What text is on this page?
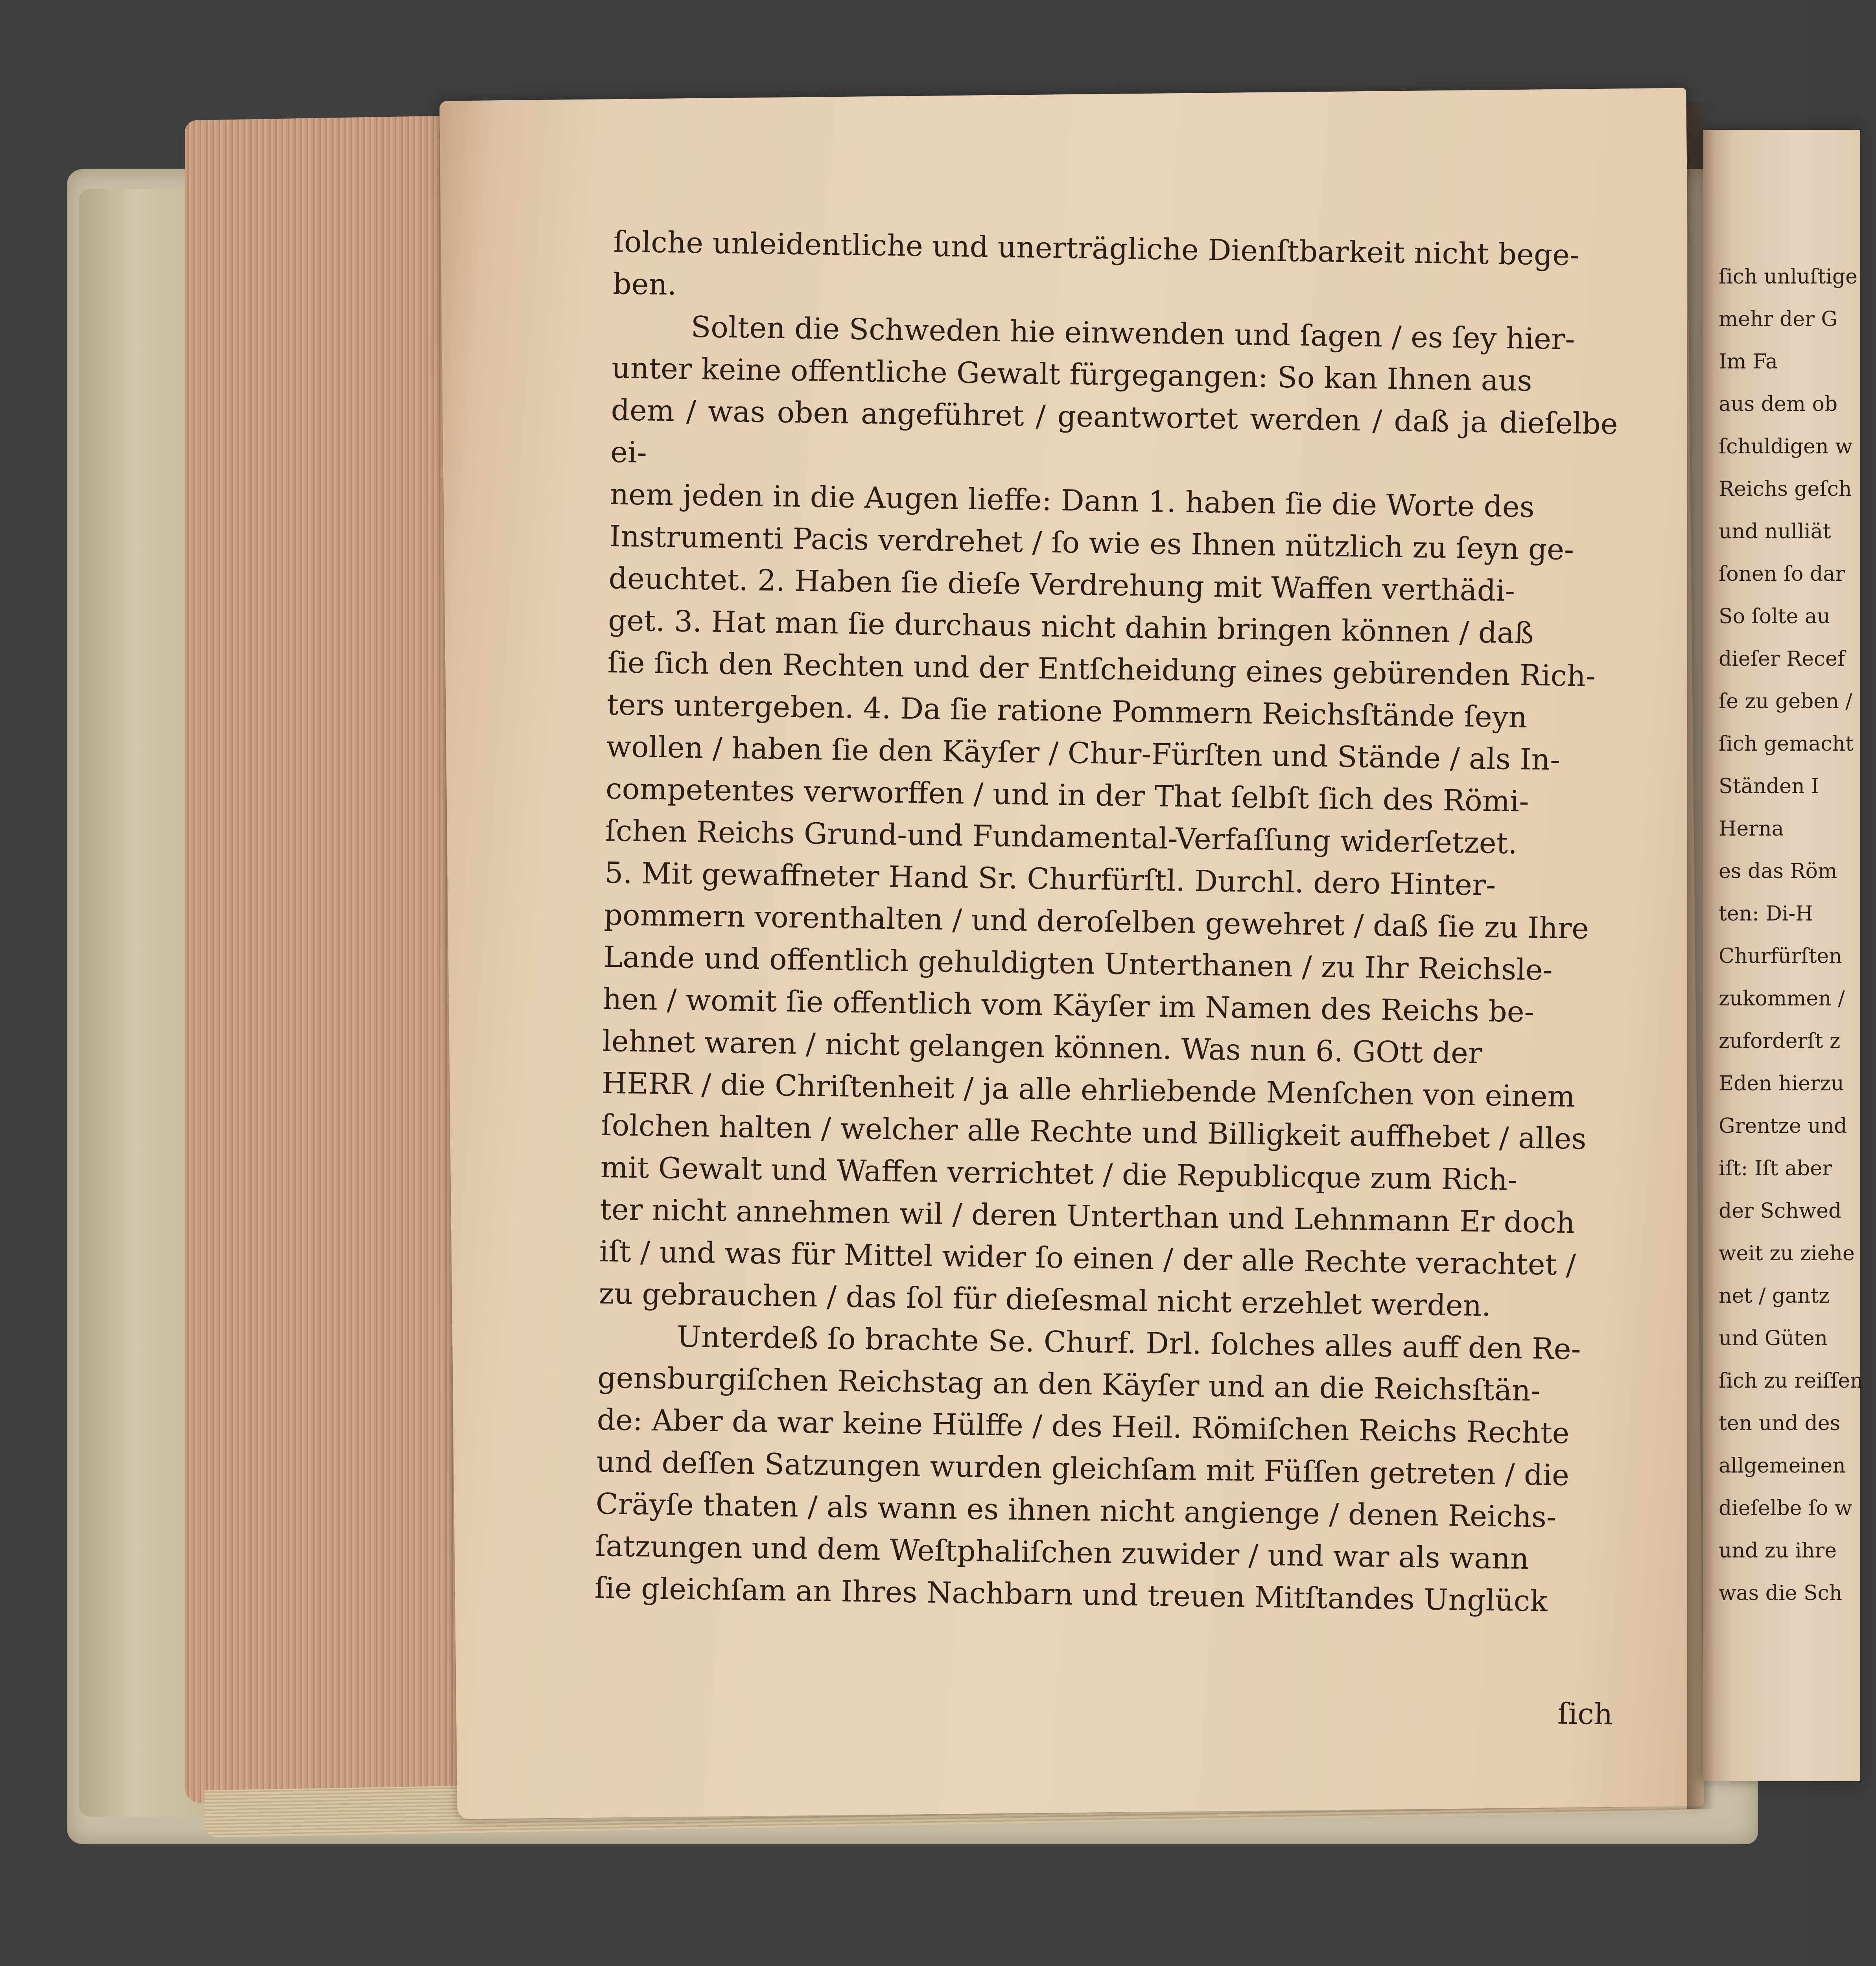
ſolche unleidentliche und unerträgliche Dienſtbarkeit nicht bege-

ben.

Solten die Schweden hie einwenden und ſagen / es ſey hier-

unter keine offentliche Gewalt fürgegangen: So kan Ihnen aus

dem / was oben angeführet / geantwortet werden / daß ja dieſelbe ei-

nem jeden in die Augen lieffe: Dann 1. haben ſie die Worte des

Instrumenti Pacis verdrehet / ſo wie es Ihnen nützlich zu ſeyn ge-

deuchtet. 2. Haben ſie dieſe Verdrehung mit Waffen verthädi-

get. 3. Hat man ſie durchaus nicht dahin bringen können / daß

ſie ſich den Rechten und der Entſcheidung eines gebürenden Rich-

ters untergeben. 4. Da ſie ratione Pommern Reichsſtände ſeyn

wollen / haben ſie den Käyſer / Chur-Fürſten und Stände / als In-

competentes verworffen / und in der That ſelbſt ſich des Römi-

ſchen Reichs Grund-und Fundamental-Verfaſſung widerſetzet.

5. Mit gewaffneter Hand Sr. Churfürſtl. Durchl. dero Hinter-

pommern vorenthalten / und deroſelben gewehret / daß ſie zu Ihre

Lande und offentlich gehuldigten Unterthanen / zu Ihr Reichsle-

hen / womit ſie offentlich vom Käyſer im Namen des Reichs be-

lehnet waren / nicht gelangen können. Was nun 6. GOtt der

HERR / die Chriſtenheit / ja alle ehrliebende Menſchen von einem

ſolchen halten / welcher alle Rechte und Billigkeit auffhebet / alles

mit Gewalt und Waffen verrichtet / die Republicque zum Rich-

ter nicht annehmen wil / deren Unterthan und Lehnmann Er doch

iſt / und was für Mittel wider ſo einen / der alle Rechte verachtet /

zu gebrauchen / das ſol für dieſesmal nicht erzehlet werden.

Unterdeß ſo brachte Se. Churf. Drl. ſolches alles auff den Re-

gensburgiſchen Reichstag an den Käyſer und an die Reichsſtän-

de: Aber da war keine Hülffe / des Heil. Römiſchen Reichs Rechte

und deſſen Satzungen wurden gleichſam mit Füſſen getreten / die

Cräyſe thaten / als wann es ihnen nicht angienge / denen Reichs-

ſatzungen und dem Weſtphaliſchen zuwider / und war als wann

ſie gleichſam an Ihres Nachbarn und treuen Mitſtandes Unglück

ſich
ſich unluſtige
mehr der G
Im Fa
aus dem ob
ſchuldigen w
Reichs geſch
und nulliät
ſonen ſo dar
So ſolte au
dieſer Recef
ſe zu geben /
ſich gemacht
Ständen I
Herna
es das Röm
ten: Di-H
Churfürſten
zukommen /
zuforderſt z
Eden hierzu
Grentze und
iſt: Iſt aber
der Schwed
weit zu ziehe
net / gantz
und Güten
ſich zu reiſſen
ten und des
allgemeinen
dieſelbe ſo w
und zu ihre
was die Sch
